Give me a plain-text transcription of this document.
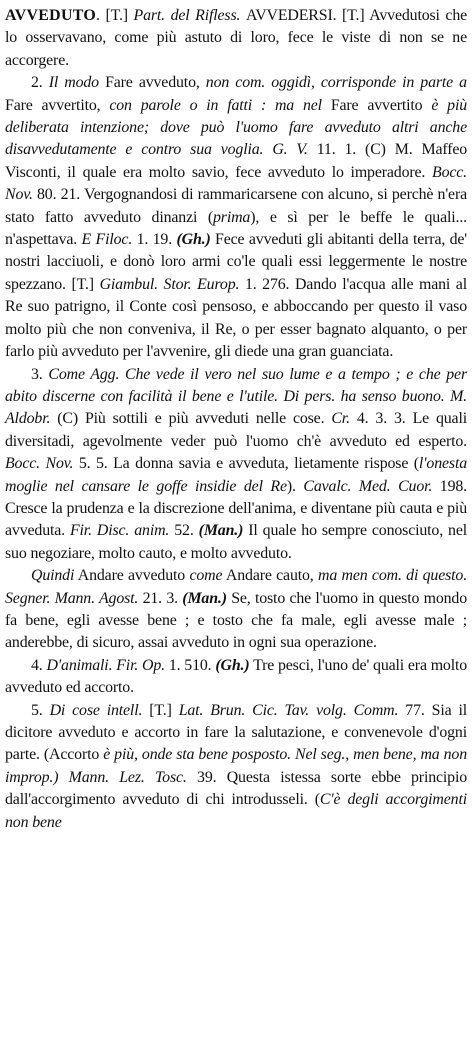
AVVEDUTO. [T.] Part. del Rifless. AVVEDERSI. [T.] Avvedutosi che lo osservavano, come più astuto di loro, fece le viste di non se ne accorgere.

2. Il modo Fare avveduto, non com. oggidì, corrisponde in parte a Fare avvertito, con parole o in fatti : ma nel Fare avvertito è più deliberata intenzione; dove può l'uomo fare avveduto altri anche disavvedutamente e contro sua voglia. G. V. 11. 1. (C) M. Maffeo Visconti, il quale era molto savio, fece avveduto lo imperadore. Bocc. Nov. 80. 21. Vergognandosi di rammaricarsene con alcuno, si perchè n'era stato fatto avveduto dinanzi (prima), e sì per le beffe le quali... n'aspettava. E Filoc. 1. 19. (Gh.) Fece avveduti gli abitanti della terra, de' nostri lacciuoli, e donò loro armi co'le quali essi leggermente le nostre spezzano. [T.] Giambul. Stor. Europ. 1. 276. Dando l'acqua alle mani al Re suo patrigno, il Conte così pensoso, e abboccando per questo il vaso molto più che non conveniva, il Re, o per esser bagnato alquanto, o per farlo più avveduto per l'avvenire, gli diede una gran guanciata.

3. Come Agg. Che vede il vero nel suo lume e a tempo ; e che per abito discerne con facilità il bene e l'utile. Di pers. ha senso buono. M. Aldobr. (C) Più sottili e più avveduti nelle cose. Cr. 4. 3. 3. Le quali diversitadi, agevolmente veder può l'uomo ch'è avveduto ed esperto. Bocc. Nov. 5. 5. La donna savia e avveduta, lietamente rispose (l'onesta moglie nel cansare le goffe insidie del Re). Cavalc. Med. Cuor. 198. Cresce la prudenza e la discrezione dell'anima, e diventane più cauta e più avveduta. Fir. Disc. anim. 52. (Man.) Il quale ho sempre conosciuto, nel suo negoziare, molto cauto, e molto avveduto.

Quindi Andare avveduto come Andare cauto, ma men com. di questo. Segner. Mann. Agost. 21. 3. (Man.) Se, tosto che l'uomo in questo mondo fa bene, egli avesse bene ; e tosto che fa male, egli avesse male ; anderebbe, di sicuro, assai avveduto in ogni sua operazione.

4. D'animali. Fir. Op. 1. 510. (Gh.) Tre pesci, l'uno de' quali era molto avveduto ed accorto.

5. Di cose intell. [T.] Lat. Brun. Cic. Tav. volg. Comm. 77. Sia il dicitore avveduto e accorto in fare la salutazione, e convenevole d'ogni parte. (Accorto è più, onde sta bene posposto. Nel seg., men bene, ma non improp.) Mann. Lez. Tosc. 39. Questa istessa sorte ebbe principio dall'accorgimento avveduto di chi introdusseli. (C'è degli accorgimenti non bene
